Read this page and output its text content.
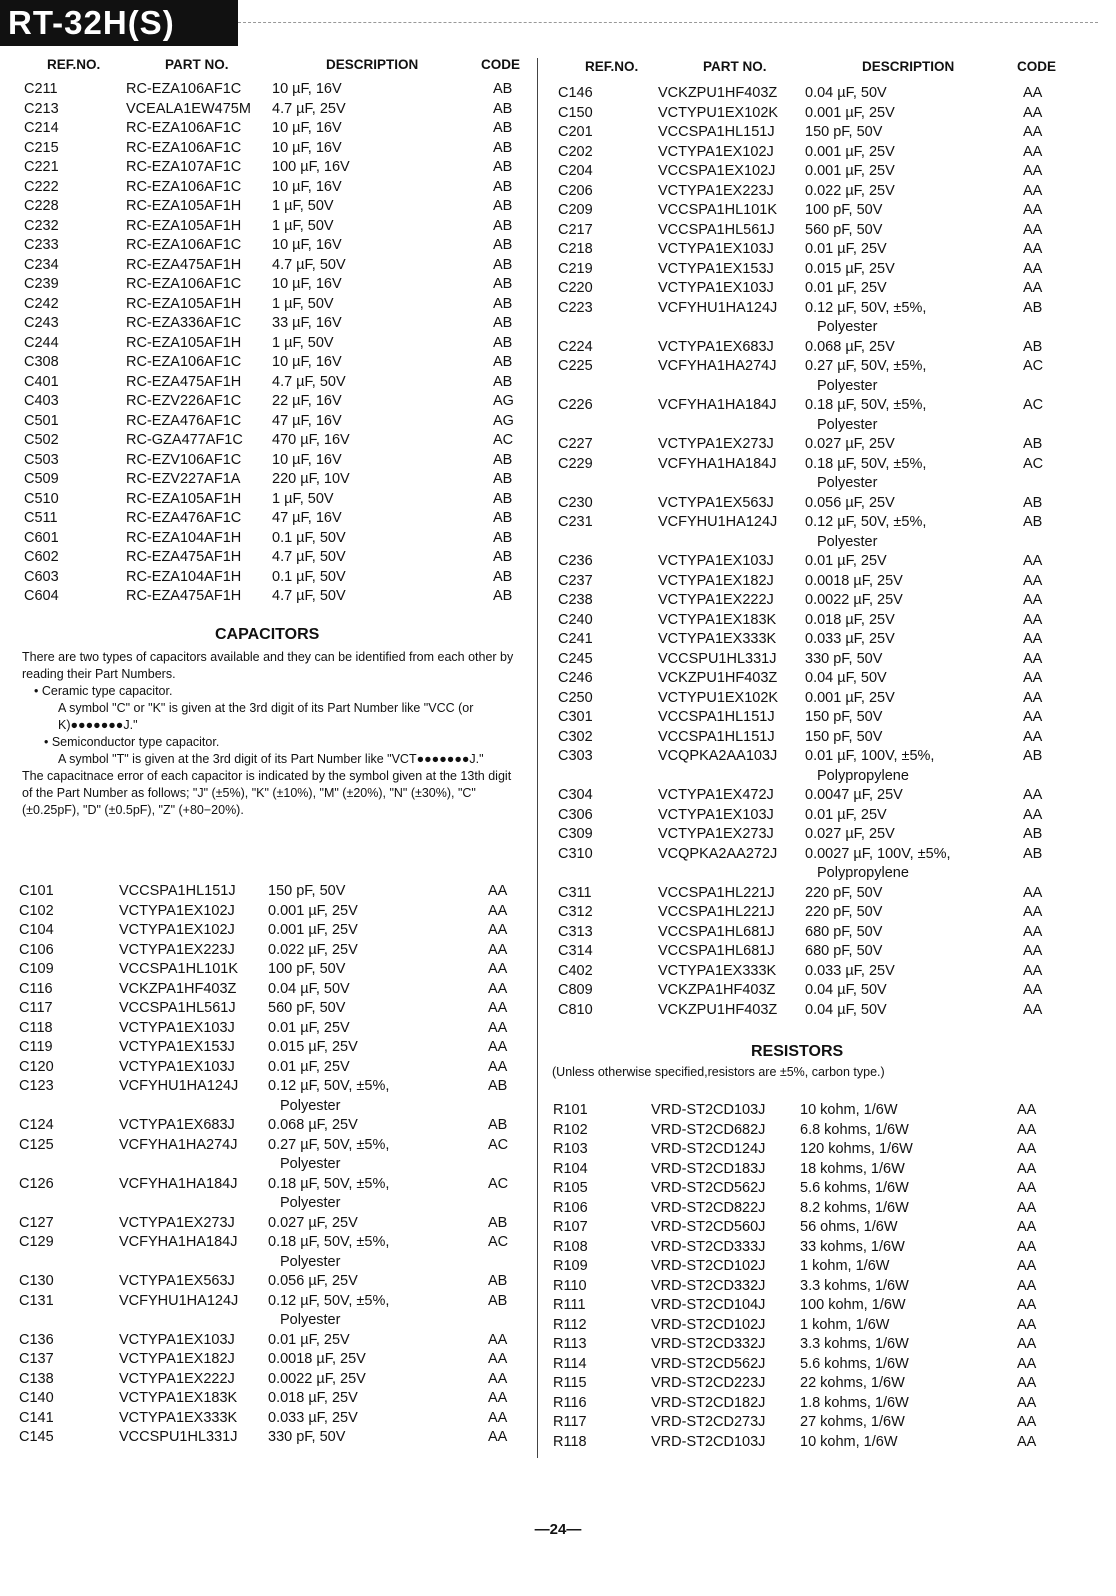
RT-32H(S)
REF.NO.	PART NO.	DESCRIPTION	CODE	REF.NO.	PART NO.	DESCRIPTION	CODE
C211	RC-EZA106AF1C 10 µF, 16V	AB
C213	VCEALA1EW475M 4.7 µF, 25V	AB
C214	RC-EZA106AF1C 10 µF, 16V	AB
C215	RC-EZA106AF1C 10 µF, 16V	AB
C221	RC-EZA107AF1C 100 µF, 16V	AB
C222	RC-EZA106AF1C 10 µF, 16V	AB
C228	RC-EZA105AF1H 1 µF, 50V	AB
C232	RC-EZA105AF1H 1 µF, 50V	AB
C233	RC-EZA106AF1C 10 µF, 16V	AB
C234	RC-EZA475AF1H 4.7 µF, 50V	AB
C239	RC-EZA106AF1C 10 µF, 16V	AB
C242	RC-EZA105AF1H 1 µF, 50V	AB
C243	RC-EZA336AF1C 33 µF, 16V	AB
C244	RC-EZA105AF1H 1 µF, 50V	AB
C308	RC-EZA106AF1C 10 µF, 16V	AB
C401	RC-EZA475AF1H 4.7 µF, 50V	AB
C403	RC-EZV226AF1C 22 µF, 16V	AG
C501	RC-EZA476AF1C 47 µF, 16V	AG
C502	RC-GZA477AF1C 470 µF, 16V	AC
C503	RC-EZV106AF1C 10 µF, 16V	AB
C509	RC-EZV227AF1A 220 µF, 10V	AB
C510	RC-EZA105AF1H 1 µF, 50V	AB
C511	RC-EZA476AF1C 47 µF, 16V	AB
C601	RC-EZA104AF1H 0.1 µF, 50V	AB
C602	RC-EZA475AF1H 4.7 µF, 50V	AB
C603	RC-EZA104AF1H 0.1 µF, 50V	AB
C604	RC-EZA475AF1H 4.7 µF, 50V	AB
CAPACITORS

There are two types of capacitors available and they can be identified from each other by reading their Part Numbers.

• Ceramic type capacitor.

A symbol "C" or "K" is given at the 3rd digit of its Part Number like "VCC (or K)●●●●●●●J."

• Semiconductor type capacitor.

A symbol "T" is given at the 3rd digit of its Part Number like "VCT●●●●●●●J."

The capacitnace error of each capacitor is indicated by the symbol given at the 13th digit of the Part Number as follows; "J" (±5%), "K" (±10%), "M" (±20%), "N" (±30%), "C" (±0.25pF), "D" (±0.5pF), "Z" (+80−20%).

C101	VCCSPA1HL151J 150 pF, 50V	AA
C102	VCTYPA1EX102J 0.001 µF, 25V	AA
C104	VCTYPA1EX102J 0.001 µF, 25V	AA
C106	VCTYPA1EX223J 0.022 µF, 25V	AA
C109	VCCSPA1HL101K 100 pF, 50V	AA
C116	VCKZPA1HF403Z 0.04 µF, 50V	AA
C117	VCCSPA1HL561J 560 pF, 50V	AA
C118	VCTYPA1EX103J 0.01 µF, 25V	AA
C119	VCTYPA1EX153J 0.015 µF, 25V	AA
C120	VCTYPA1EX103J 0.01 µF, 25V	AA
C123	VCFYHU1HA124J 0.12 µF, 50V, ±5%,	AB
Polyester
C124	VCTYPA1EX683J 0.068 µF, 25V	AB
C125	VCFYHA1HA274J 0.27 µF, 50V, ±5%,	AC
Polyester
C126	VCFYHA1HA184J 0.18 µF, 50V, ±5%,	AC
Polyester
C127	VCTYPA1EX273J 0.027 µF, 25V	AB
C129	VCFYHA1HA184J 0.18 µF, 50V, ±5%,	AC
Polyester
C130	VCTYPA1EX563J 0.056 µF, 25V	AB
C131	VCFYHU1HA124J 0.12 µF, 50V, ±5%,	AB
Polyester
C136	VCTYPA1EX103J 0.01 µF, 25V	AA
C137	VCTYPA1EX182J 0.0018 µF, 25V	AA
C138	VCTYPA1EX222J 0.0022 µF, 25V	AA
C140	VCTYPA1EX183K 0.018 µF, 25V	AA
C141	VCTYPA1EX333K 0.033 µF, 25V	AA
C145	VCCSPU1HL331J 330 pF, 50V	AA
C146	VCKZPU1HF403Z 0.04 µF, 50V	AA
C150	VCTYPU1EX102K 0.001 µF, 25V	AA
C201	VCCSPA1HL151J 150 pF, 50V	AA
C202	VCTYPA1EX102J 0.001 µF, 25V	AA
C204	VCCSPA1EX102J 0.001 µF, 25V	AA
C206	VCTYPA1EX223J 0.022 µF, 25V	AA
C209	VCCSPA1HL101K 100 pF, 50V	AA
C217	VCCSPA1HL561J 560 pF, 50V	AA
C218	VCTYPA1EX103J 0.01 µF, 25V	AA
C219	VCTYPA1EX153J 0.015 µF, 25V	AA
C220	VCTYPA1EX103J 0.01 µF, 25V	AA
C223	VCFYHU1HA124J 0.12 µF, 50V, ±5%,	AB
Polyester
C224	VCTYPA1EX683J 0.068 µF, 25V	AB
C225	VCFYHA1HA274J 0.27 µF, 50V, ±5%,	AC
Polyester
C226	VCFYHA1HA184J 0.18 µF, 50V, ±5%,	AC
Polyester
C227	VCTYPA1EX273J 0.027 µF, 25V	AB
C229	VCFYHA1HA184J 0.18 µF, 50V, ±5%,	AC
Polyester
C230	VCTYPA1EX563J 0.056 µF, 25V	AB
C231	VCFYHU1HA124J 0.12 µF, 50V, ±5%,	AB
Polyester
C236	VCTYPA1EX103J 0.01 µF, 25V	AA
C237	VCTYPA1EX182J 0.0018 µF, 25V	AA
C238	VCTYPA1EX222J 0.0022 µF, 25V	AA
C240	VCTYPA1EX183K 0.018 µF, 25V	AA
C241	VCTYPA1EX333K 0.033 µF, 25V	AA
C245	VCCSPU1HL331J 330 pF, 50V	AA
C246	VCKZPU1HF403Z 0.04 µF, 50V	AA
C250	VCTYPU1EX102K 0.001 µF, 25V	AA
C301	VCCSPA1HL151J 150 pF, 50V	AA
C302	VCCSPA1HL151J 150 pF, 50V	AA
C303	VCQPKA2AA103J 0.01 µF, 100V, ±5%,	AB
Polypropylene
C304	VCTYPA1EX472J 0.0047 µF, 25V	AA
C306	VCTYPA1EX103J 0.01 µF, 25V	AA
C309	VCTYPA1EX273J 0.027 µF, 25V	AB
C310	VCQPKA2AA272J 0.0027 µF, 100V, ±5%,	AB
Polypropylene
C311	VCCSPA1HL221J 220 pF, 50V	AA
C312	VCCSPA1HL221J 220 pF, 50V	AA
C313	VCCSPA1HL681J 680 pF, 50V	AA
C314	VCCSPA1HL681J 680 pF, 50V	AA
C402	VCTYPA1EX333K 0.033 µF, 25V	AA
C809	VCKZPA1HF403Z 0.04 µF, 50V	AA
C810	VCKZPU1HF403Z 0.04 µF, 50V	AA
RESISTORS
(Unless otherwise specified,resistors are ±5%, carbon type.)
R101	VRD-ST2CD103J 10 kohm, 1/6W	AA
R102	VRD-ST2CD682J 6.8 kohms, 1/6W	AA
R103	VRD-ST2CD124J 120 kohms, 1/6W	AA
R104	VRD-ST2CD183J 18 kohms, 1/6W	AA
R105	VRD-ST2CD562J 5.6 kohms, 1/6W	AA
R106	VRD-ST2CD822J 8.2 kohms, 1/6W	AA
R107	VRD-ST2CD560J 56 ohms, 1/6W	AA
R108	VRD-ST2CD333J 33 kohms, 1/6W	AA
R109	VRD-ST2CD102J 1 kohm, 1/6W	AA
R110	VRD-ST2CD332J 3.3 kohms, 1/6W	AA
R111	VRD-ST2CD104J 100 kohm, 1/6W	AA
R112	VRD-ST2CD102J 1 kohm, 1/6W	AA
R113	VRD-ST2CD332J 3.3 kohms, 1/6W	AA
R114	VRD-ST2CD562J 5.6 kohms, 1/6W	AA
R115	VRD-ST2CD223J 22 kohms, 1/6W	AA
R116	VRD-ST2CD182J 1.8 kohms, 1/6W	AA
R117	VRD-ST2CD273J 27 kohms, 1/6W	AA
R118	VRD-ST2CD103J 10 kohm, 1/6W	AA
—24—
